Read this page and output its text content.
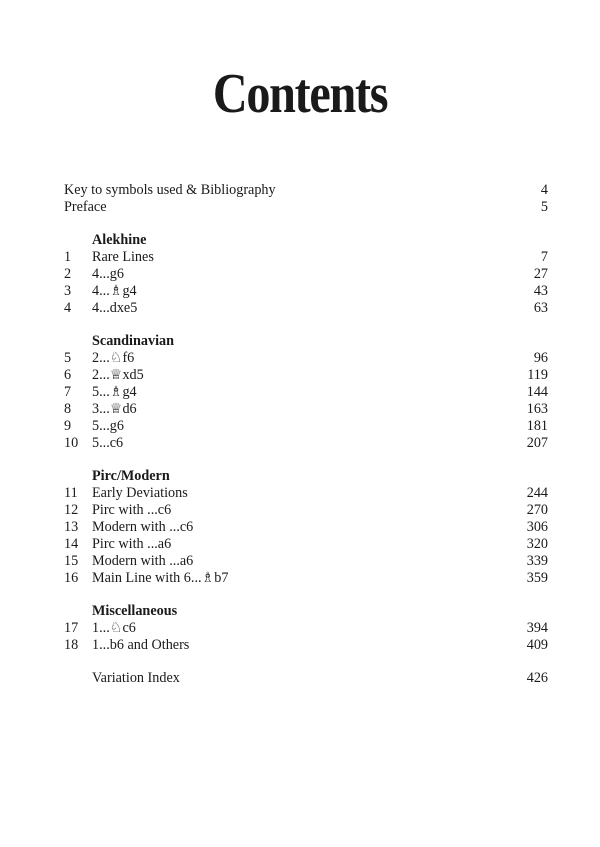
Contents
Key to symbols used & Bibliography	4
Preface	5
Alekhine
1 Rare Lines	7
2 4...g6	27
3 4...♗g4	43
4 4...dxe5	63
Scandinavian
5 2...♘f6	96
6 2...♕xd5	119
7 5...♗g4	144
8 3...♕d6	163
9 5...g6	181
10 5...c6	207
Pirc/Modern
11 Early Deviations	244
12 Pirc with ...c6	270
13 Modern with ...c6	306
14 Pirc with ...a6	320
15 Modern with ...a6	339
16 Main Line with 6...♗b7	359
Miscellaneous
17 1...♘c6	394
18 1...b6 and Others	409
Variation Index	426
